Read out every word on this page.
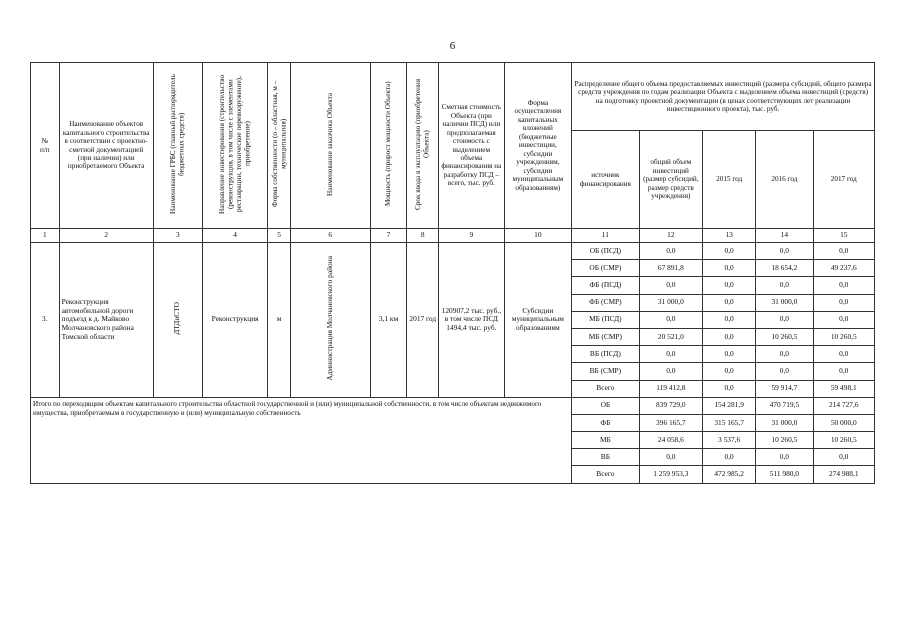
6
№
п/п	Наименование объектов капитального строительства в соответствии с проектно-сметной документацией (при наличии) или приобретаемого Объекта	Наименование ГРБС (главный распорядитель бюджетных средств)	Направление инвестирования (строительство (реконструкция, в том числе с элементами реставрации, техническое перевооружение), приобретение)	Форма собственности (о – областная, м – муниципальная)	Наименование заказчика Объекта	Мощность (прирост мощности Объекта)	Срок ввода в эксплуатацию (приобретения Объекта)	Сметная стоимость Объекта (при наличии ПСД) или предполагаемая стоимость с выделением объема финансирования на разработку ПСД – всего, тыс. руб.	Форма осуществления капитальных вложений (бюджетные инвестиции, субсидии учреждениям, субсидии муниципальным образованиям)	Распределение общего объема предоставляемых инвестиций (размера субсидий, общего размера средств учреждения по годам реализации Объекта с выделением объема инвестиций (средств) на подготовку проектной документации (в ценах соответствующих лет реализации инвестиционного проекта), тыс. руб.				
										источник финансирования	общий объем инвестиций (размер субсидий, размер средств учреждения)	2015 год	2016 год	2017 год
1	2	3	4	5	6	7	8	9	10	11	12	13	14	15
3.	Реконструкция автомобильной дороги подъезд к д. Майково Молчановского района Томской области	ДТДиСТО	Реконструкция	м	Администрация Молчановского района	3,1 км	2017 год	120907,2 тыс. руб., в том числе ПСД 1494,4 тыс. руб.	Субсидии муниципальным образованиям	ОБ (ПСД)	0,0	0,0	0,0	0,0
										ОБ (СМР)	67 891,8	0,0	18 654,2	49 237,6
										ФБ (ПСД)	0,0	0,0	0,0	0,0
										ФБ (СМР)	31 000,0	0,0	31 000,0	0,0
										МБ (ПСД)	0,0	0,0	0,0	0,0
										МБ (СМР)	20 521,0	0,0	10 260,5	10 260,5
										ВБ (ПСД)	0,0	0,0	0,0	0,0
										ВБ (СМР)	0,0	0,0	0,0	0,0
										Всего	119 412,8	0,0	59 914,7	59 498,1
Итого по переходящим объектам капитального строительства областной государственной и (или) муниципальной собственности, в том числе объектам недвижимого имущества, приобретаемым в государственную и (или) муниципальную собственность										ОБ	839 729,0	154 281,9	470 719,5	214 727,6
										ФБ	396 165,7	315 165,7	31 000,0	50 000,0
										МБ	24 058,6	3 537,6	10 260,5	10 260,5
										ВБ	0,0	0,0	0,0	0,0
										Всего	1 259 953,3	472 985,2	511 980,0	274 988,1
